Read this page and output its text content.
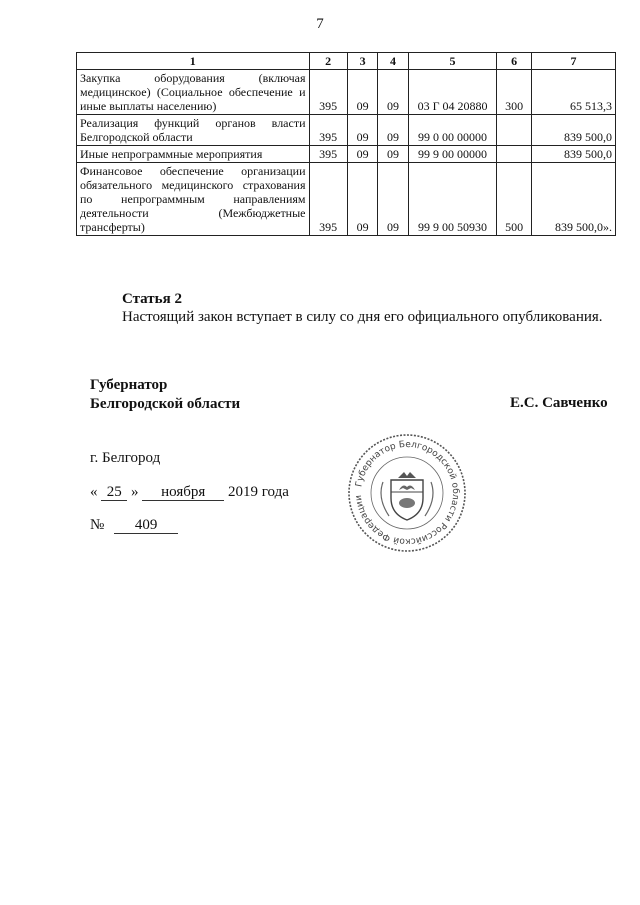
7
1	2	3	4	5	6	7
Закупка оборудования (включая медицинское) (Социальное обеспечение и иные выплаты населению)	395	09	09	03 Г 04 20880	300	65 513,3
Реализация функций органов власти Белгородской области	395	09	09	99 0 00 00000		839 500,0
Иные непрограммные мероприятия	395	09	09	99 9 00 00000		839 500,0
Финансовое обеспечение организации обязательного медицинского страхования по непрограммным направлениям деятельности (Межбюджетные трансферты)	395	09	09	99 9 00 50930	500	839 500,0».
Статья 2
Настоящий закон вступает в силу со дня его официального опубликования.
Губернатор
Белгородской области	Е.С. Савченко
г. Белгород
« 25 » ноября 2019 года
№ 409
Губернатор Белгородской области Российской Федерации
